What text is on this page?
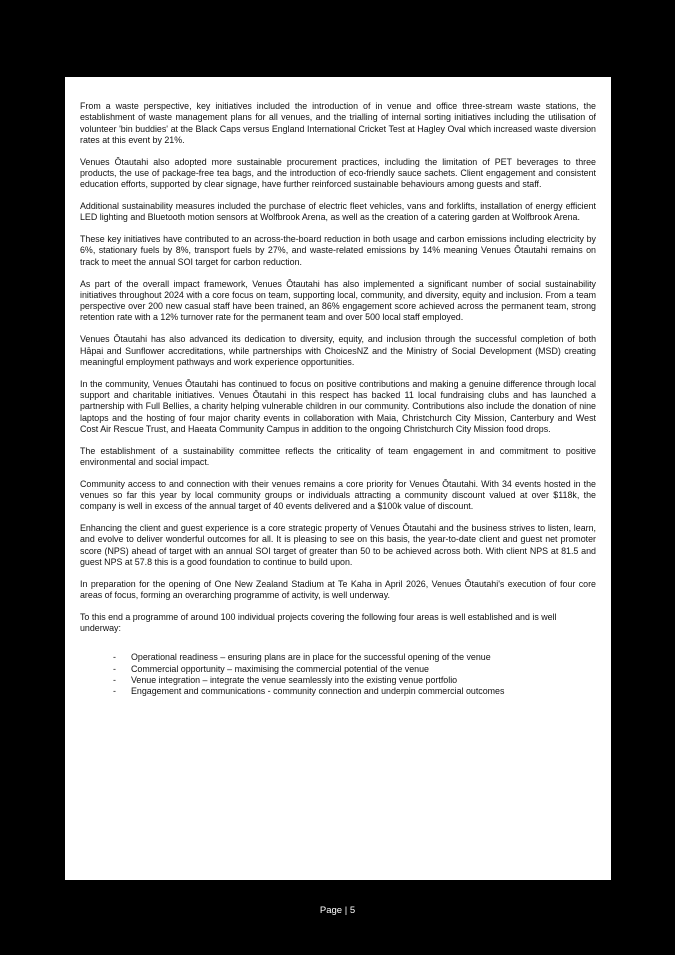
From a waste perspective, key initiatives included the introduction of in venue and office three-stream waste stations, the establishment of waste management plans for all venues, and the trialling of internal sorting initiatives including the utilisation of volunteer 'bin buddies' at the Black Caps versus England International Cricket Test at Hagley Oval which increased waste diversion rates at this event by 21%.

Venues Ōtautahi also adopted more sustainable procurement practices, including the limitation of PET beverages to three products, the use of package-free tea bags, and the introduction of eco-friendly sauce sachets. Client engagement and consistent education efforts, supported by clear signage, have further reinforced sustainable behaviours among guests and staff.

Additional sustainability measures included the purchase of electric fleet vehicles, vans and forklifts, installation of energy efficient LED lighting and Bluetooth motion sensors at Wolfbrook Arena, as well as the creation of a catering garden at Wolfbrook Arena.

These key initiatives have contributed to an across-the-board reduction in both usage and carbon emissions including electricity by 6%, stationary fuels by 8%, transport fuels by 27%, and waste-related emissions by 14% meaning Venues Ōtautahi remains on track to meet the annual SOI target for carbon reduction.

As part of the overall impact framework, Venues Ōtautahi has also implemented a significant number of social sustainability initiatives throughout 2024 with a core focus on team, supporting local, community, and diversity, equity and inclusion. From a team perspective over 200 new casual staff have been trained, an 86% engagement score achieved across the permanent team, strong retention rate with a 12% turnover rate for the permanent team and over 500 local staff employed.

Venues Ōtautahi has also advanced its dedication to diversity, equity, and inclusion through the successful completion of both Hāpai and Sunflower accreditations, while partnerships with ChoicesNZ and the Ministry of Social Development (MSD) creating meaningful employment pathways and work experience opportunities.

In the community, Venues Ōtautahi has continued to focus on positive contributions and making a genuine difference through local support and charitable initiatives. Venues Ōtautahi in this respect has backed 11 local fundraising clubs and has launched a partnership with Full Bellies, a charity helping vulnerable children in our community. Contributions also include the donation of nine laptops and the hosting of four major charity events in collaboration with Maia, Christchurch City Mission, Canterbury and West Cost Air Rescue Trust, and Haeata Community Campus in addition to the ongoing Christchurch City Mission food drops.

The establishment of a sustainability committee reflects the criticality of team engagement in and commitment to positive environmental and social impact.

Community access to and connection with their venues remains a core priority for Venues Ōtautahi. With 34 events hosted in the venues so far this year by local community groups or individuals attracting a community discount valued at over $118k, the company is well in excess of the annual target of 40 events delivered and a $100k value of discount.

Enhancing the client and guest experience is a core strategic property of Venues Ōtautahi and the business strives to listen, learn, and evolve to deliver wonderful outcomes for all. It is pleasing to see on this basis, the year-to-date client and guest net promoter score (NPS) ahead of target with an annual SOI target of greater than 50 to be achieved across both. With client NPS at 81.5 and guest NPS at 57.8 this is a good foundation to continue to build upon.

In preparation for the opening of One New Zealand Stadium at Te Kaha in April 2026, Venues Ōtautahi's execution of four core areas of focus, forming an overarching programme of activity, is well underway.

To this end a programme of around 100 individual projects covering the following four areas is well established and is well underway:

- Operational readiness – ensuring plans are in place for the successful opening of the venue
- Commercial opportunity – maximising the commercial potential of the venue
- Venue integration – integrate the venue seamlessly into the existing venue portfolio
- Engagement and communications - community connection and underpin commercial outcomes
Page | 5
